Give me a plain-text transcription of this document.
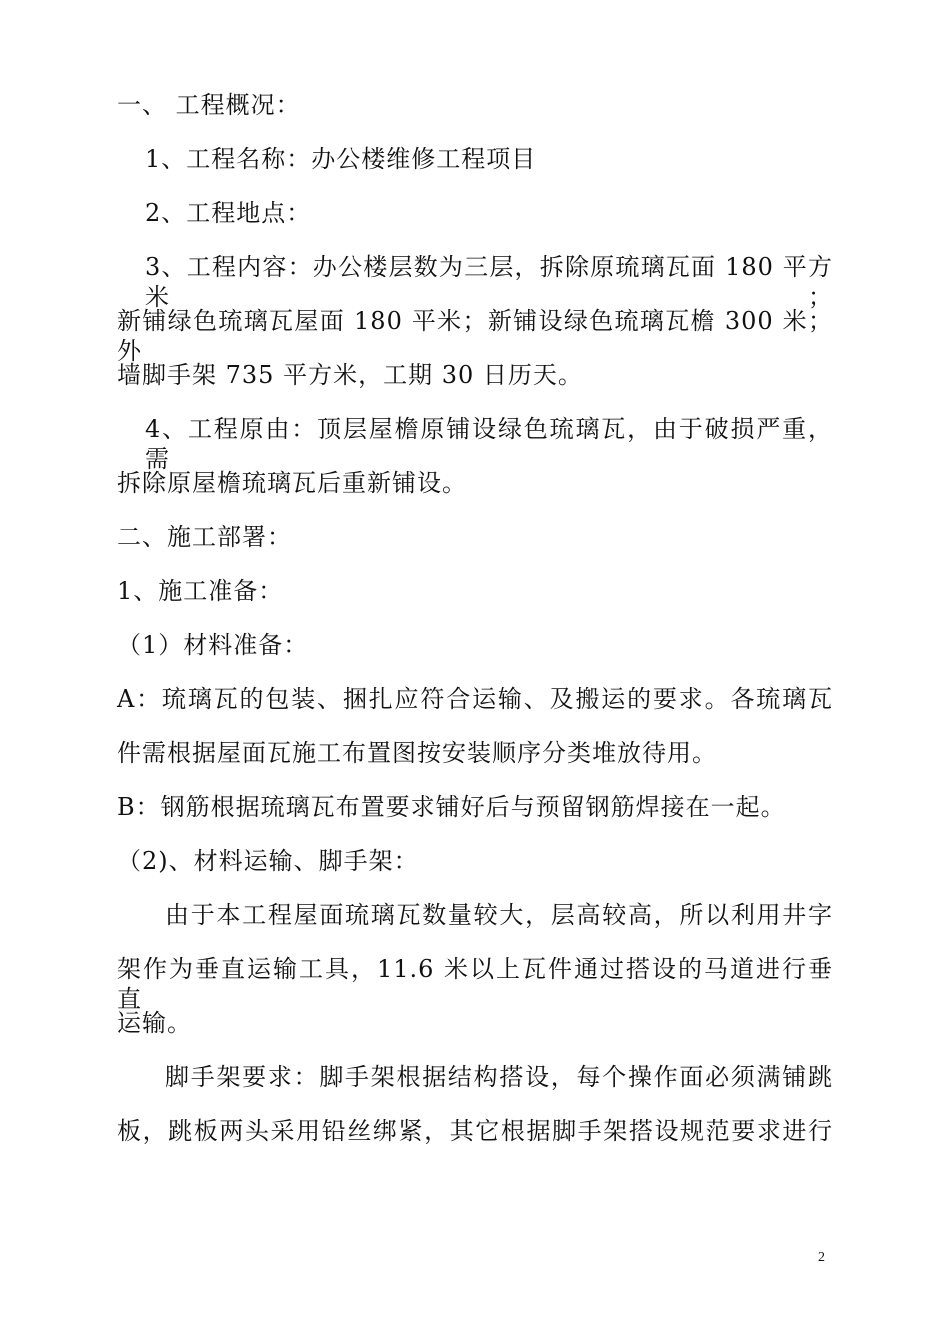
一、 工程概况：
1、工程名称：办公楼维修工程项目
2、工程地点：
3、工程内容：办公楼层数为三层，拆除原琉璃瓦面 180 平方米；
新铺绿色琉璃瓦屋面 180 平米；新铺设绿色琉璃瓦檐 300 米；外
墙脚手架 735 平方米，工期 30 日历天。
4、工程原由：顶层屋檐原铺设绿色琉璃瓦，由于破损严重，需
拆除原屋檐琉璃瓦后重新铺设。
二、施工部署：
1、施工准备：
（1）材料准备：
A：琉璃瓦的包装、捆扎应符合运输、及搬运的要求。各琉璃瓦
件需根据屋面瓦施工布置图按安装顺序分类堆放待用。
B：钢筋根据琉璃瓦布置要求铺好后与预留钢筋焊接在一起。
（2)、材料运输、脚手架：
由于本工程屋面琉璃瓦数量较大，层高较高，所以利用井字
架作为垂直运输工具，11.6 米以上瓦件通过搭设的马道进行垂直
运输。
脚手架要求：脚手架根据结构搭设，每个操作面必须满铺跳
板，跳板两头采用铅丝绑紧，其它根据脚手架搭设规范要求进行
2
